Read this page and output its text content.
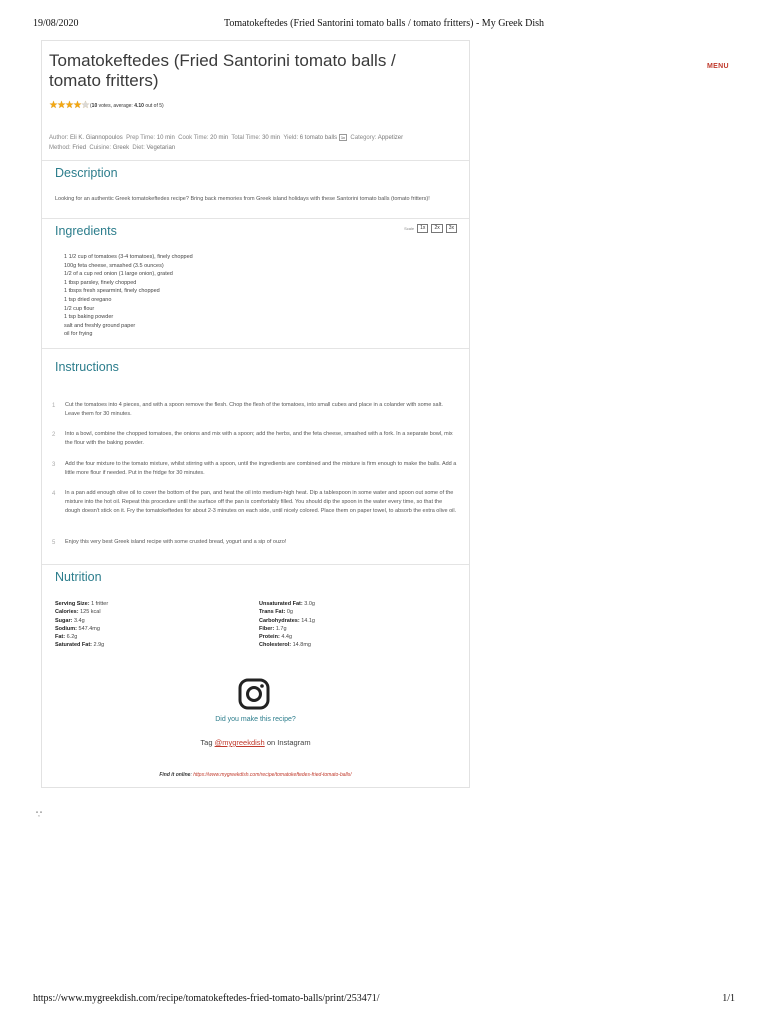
19/08/2020	Tomatokeftedes (Fried Santorini tomato balls / tomato fritters) - My Greek Dish
MENU
Tomatokeftedes (Fried Santorini tomato balls / tomato fritters)
★ ★ ★ ★ ★ (10 votes, average: 4.10 out of 5)
Author: Eli K. Giannopoulos Prep Time: 10 min Cook Time: 20 min Total Time: 30 min Yield: 6 tomato balls 1x Category: Appetizer
Method: Fried Cuisine: Greek Diet: Vegetarian
Description
Looking for an authentic Greek tomatokeftedes recipe? Bring back memories from Greek island holidays with these Santorini tomato balls (tomato fritters)!
Ingredients	Scale	1x	2x	3x
1 1/2 cup of tomatoes (3-4 tomatoes), finely chopped
100g feta cheese, smashed (3.5 ounces)
1/2 of a cup red onion (1 large onion), grated
1 tbsp parsley, finely chopped
1 tbsps fresh spearmint, finely chopped
1 tsp dried oregano
1/2 cup flour
1 tsp baking powder
salt and freshly ground paper
oil for frying
Instructions
1	Cut the tomatoes into 4 pieces, and with a spoon remove the flesh. Chop the flesh of the tomatoes, into small cubes and place in a colander with some salt. Leave them for 30 minutes.
2	Into a bowl, combine the chopped tomatoes, the onions and mix with a spoon; add the herbs, and the feta cheese, smashed with a fork. In a separate bowl, mix the flour with the baking powder.
3	Add the four mixture to the tomato mixture, whilst stirring with a spoon, until the ingredients are combined and the mixture is firm enough to make the balls. Add a little more flour if needed. Put in the fridge for 30 minutes.
4	In a pan add enough olive oil to cover the bottom of the pan, and heat the oil into medium-high heat. Dip a tablespoon in some water and spoon out some of the mixture into the hot oil. Repeat this procedure until the surface off the pan is comfortably filled. You should dip the spoon in the water every time, so that the dough doesn't stick on it. Fry the tomatokeftedes for about 2-3 minutes on each side, until nicely colored. Place them on paper towel, to absorb the extra olive oil.
5	Enjoy this very best Greek island recipe with some crusted bread, yogurt and a sip of ouzo!
Nutrition
Serving Size: 1 fritter
Calories: 125 kcal
Sugar: 3.4g
Sodium: 547.4mg
Fat: 6.2g
Saturated Fat: 2.9g
Unsaturated Fat: 3.0g
Trans Fat: 0g
Carbohydrates: 14.1g
Fiber: 1.7g
Protein: 4.4g
Cholesterol: 14.8mg
Did you make this recipe?
Tag @mygreekdish on Instagram
Find it online: https://www.mygreekdish.com/recipe/tomatokeftedes-fried-tomato-balls/
","
https://www.mygreekdish.com/recipe/tomatokeftedes-fried-tomato-balls/print/253471/	1/1
